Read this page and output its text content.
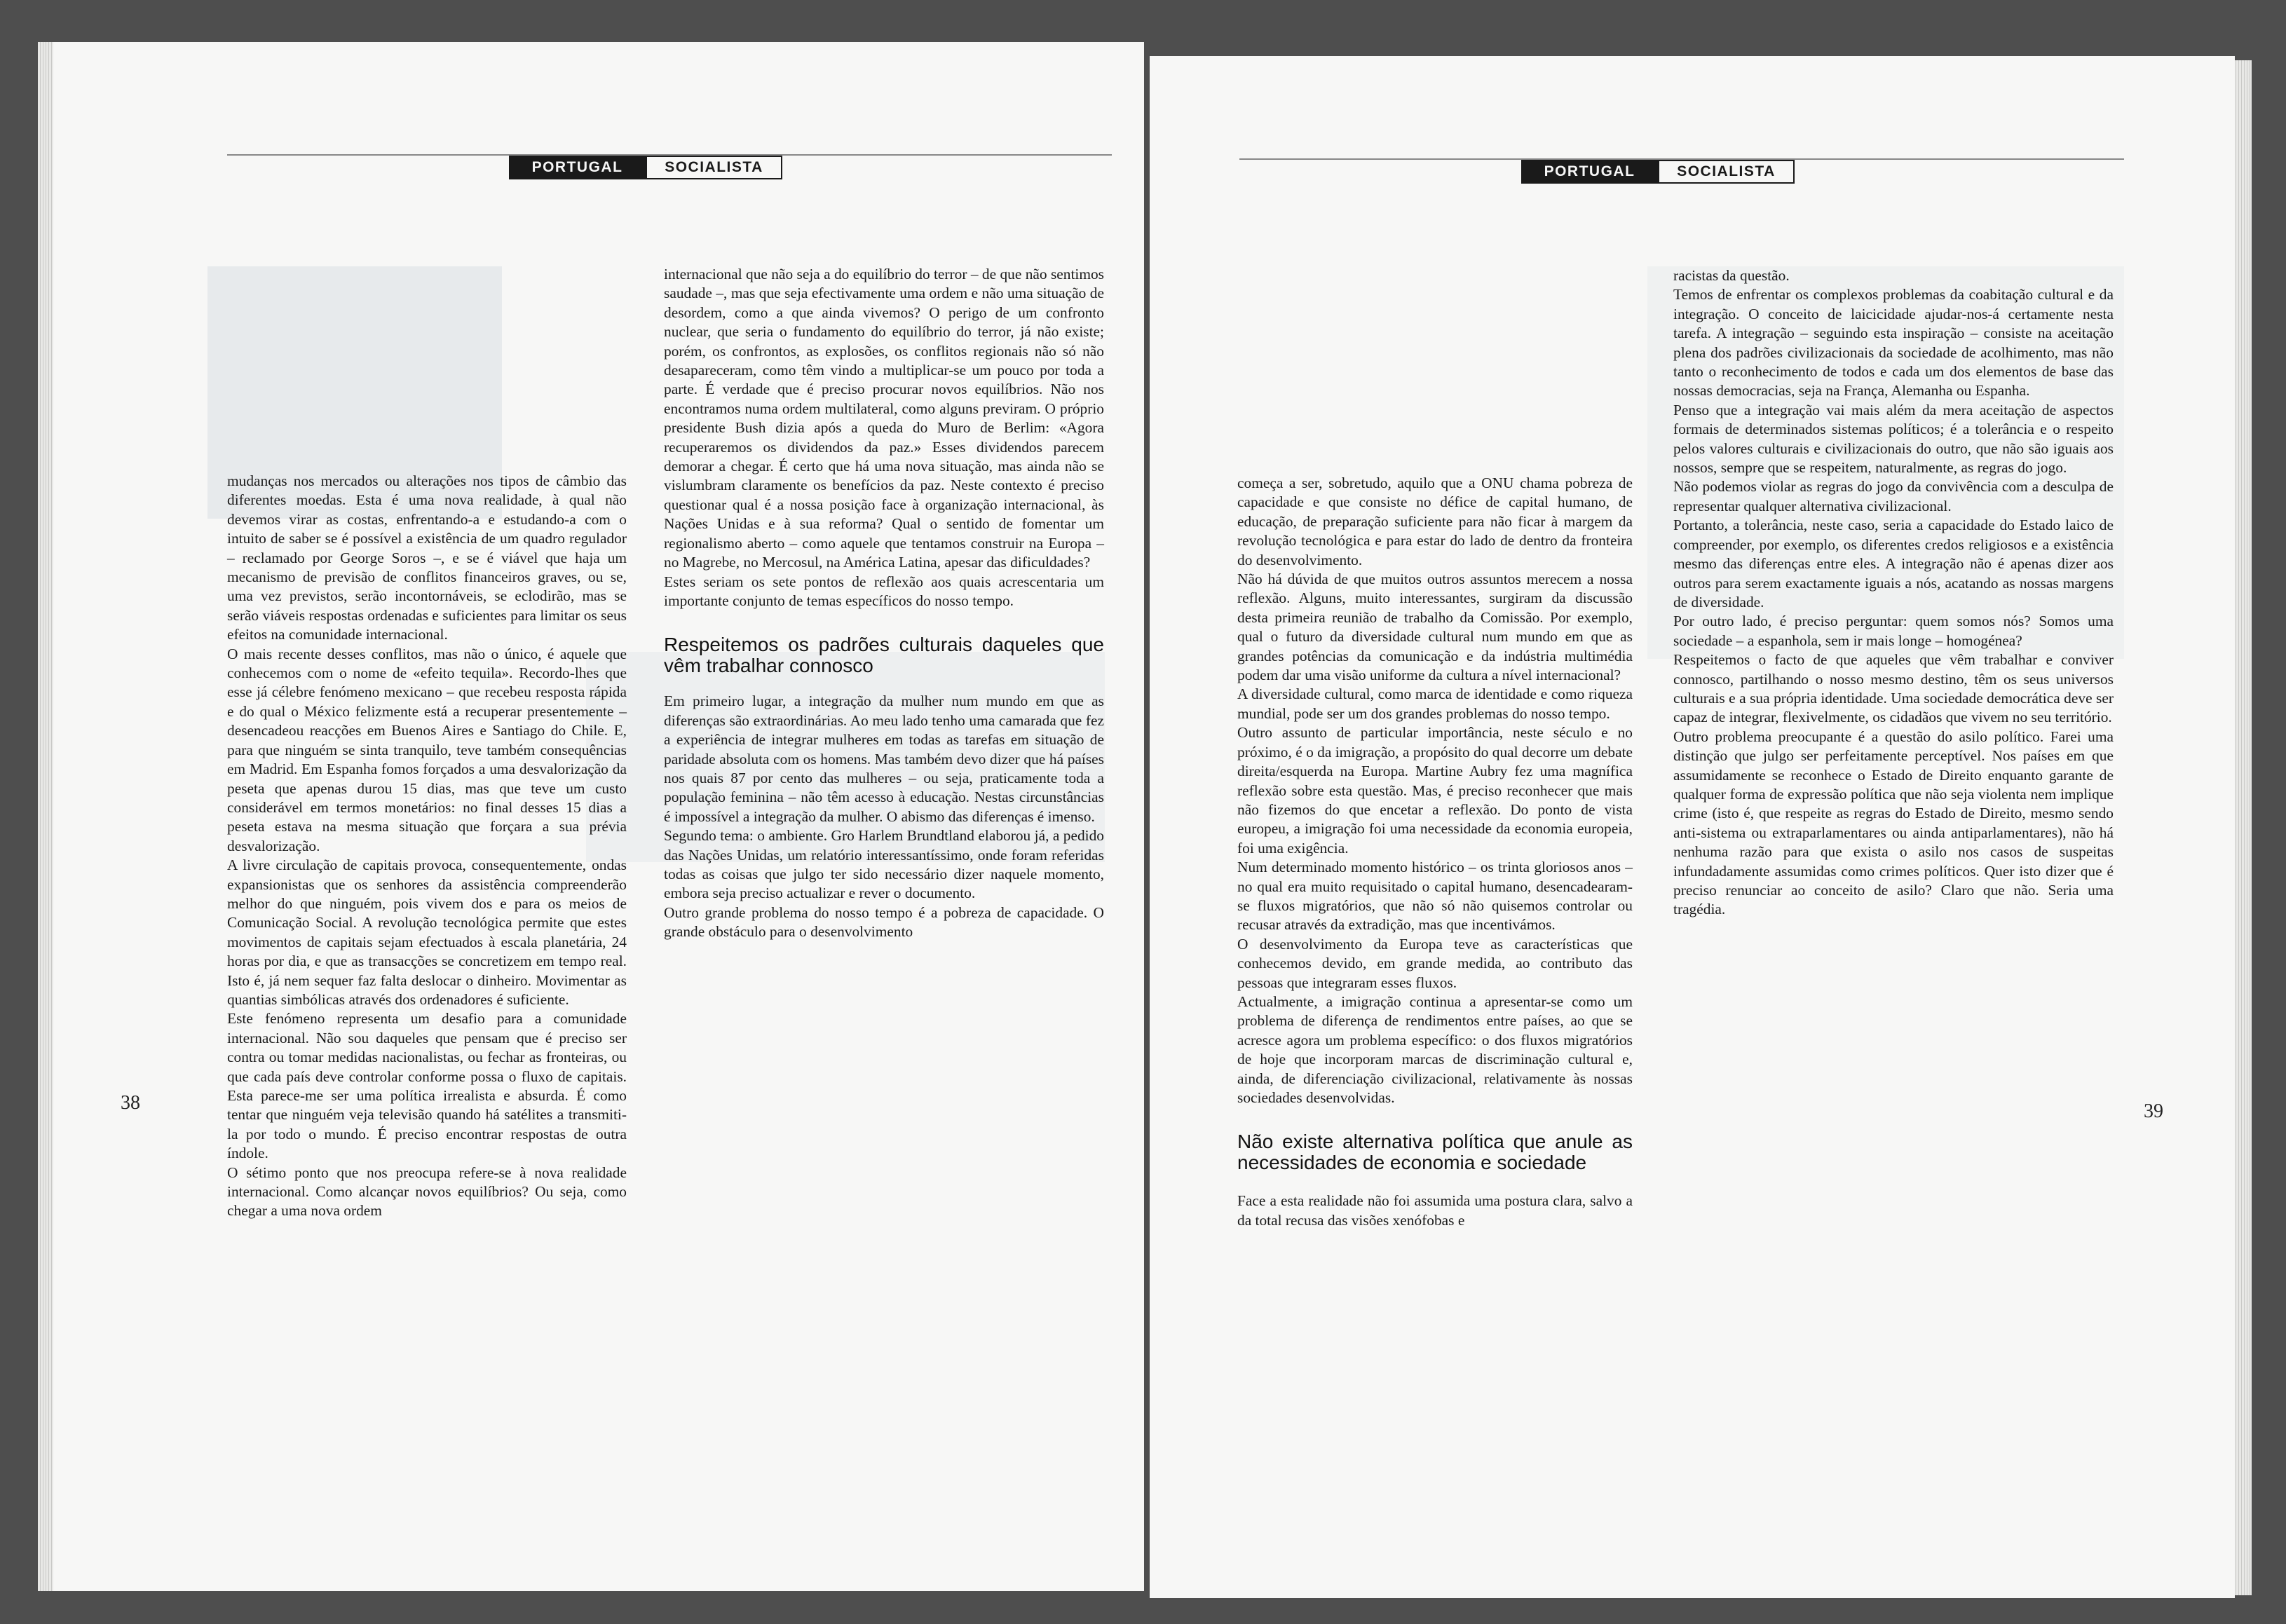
PORTUGAL	SOCIALISTA

mudanças nos mercados ou alterações nos tipos de câmbio das diferentes moedas. Esta é uma nova realidade, à qual não devemos virar as costas, enfrentando-a e estudando-a com o intuito de saber se é possível a existência de um quadro regulador – reclamado por George Soros –, e se é viável que haja um mecanismo de previsão de conflitos financeiros graves, ou se, uma vez previstos, serão incontornáveis, se eclodirão, mas se serão viáveis respostas ordenadas e suficientes para limitar os seus efeitos na comunidade internacional.

O mais recente desses conflitos, mas não o único, é aquele que conhecemos com o nome de «efeito tequila». Recordo-lhes que esse já célebre fenómeno mexicano – que recebeu resposta rápida e do qual o México felizmente está a recuperar presentemente – desencadeou reacções em Buenos Aires e Santiago do Chile. E, para que ninguém se sinta tranquilo, teve também consequências em Madrid. Em Espanha fomos forçados a uma desvalorização da peseta que apenas durou 15 dias, mas que teve um custo considerável em termos monetários: no final desses 15 dias a peseta estava na mesma situação que forçara a sua prévia desvalorização.

A livre circulação de capitais provoca, consequentemente, ondas expansionistas que os senhores da assistência compreenderão melhor do que ninguém, pois vivem dos e para os meios de Comunicação Social. A revolução tecnológica permite que estes movimentos de capitais sejam efectuados à escala planetária, 24 horas por dia, e que as transacções se concretizem em tempo real. Isto é, já nem sequer faz falta deslocar o dinheiro. Movimentar as quantias simbólicas através dos ordenadores é suficiente.

Este fenómeno representa um desafio para a comunidade internacional. Não sou daqueles que pensam que é preciso ser contra ou tomar medidas nacionalistas, ou fechar as fronteiras, ou que cada país deve controlar conforme possa o fluxo de capitais. Esta parece-me ser uma política irrealista e absurda. É como tentar que ninguém veja televisão quando há satélites a transmiti-la por todo o mundo. É preciso encontrar respostas de outra índole.

O sétimo ponto que nos preocupa refere-se à nova realidade internacional. Como alcançar novos equilíbrios? Ou seja, como chegar a uma nova ordem

internacional que não seja a do equilíbrio do terror – de que não sentimos saudade –, mas que seja efectivamente uma ordem e não uma situação de desordem, como a que ainda vivemos? O perigo de um confronto nuclear, que seria o fundamento do equilíbrio do terror, já não existe; porém, os confrontos, as explosões, os conflitos regionais não só não desapareceram, como têm vindo a multiplicar-se um pouco por toda a parte. É verdade que é preciso procurar novos equilíbrios. Não nos encontramos numa ordem multilateral, como alguns previram. O próprio presidente Bush dizia após a queda do Muro de Berlim: «Agora recuperaremos os dividendos da paz.» Esses dividendos parecem demorar a chegar. É certo que há uma nova situação, mas ainda não se vislumbram claramente os benefícios da paz. Neste contexto é preciso questionar qual é a nossa posição face à organização internacional, às Nações Unidas e à sua reforma? Qual o sentido de fomentar um regionalismo aberto – como aquele que tentamos construir na Europa – no Magrebe, no Mercosul, na América Latina, apesar das dificuldades?

Estes seriam os sete pontos de reflexão aos quais acrescentaria um importante conjunto de temas específicos do nosso tempo.

Respeitemos os padrões culturais daqueles que vêm trabalhar connosco

Em primeiro lugar, a integração da mulher num mundo em que as diferenças são extraordinárias. Ao meu lado tenho uma camarada que fez a experiência de integrar mulheres em todas as tarefas em situação de paridade absoluta com os homens. Mas também devo dizer que há países nos quais 87 por cento das mulheres – ou seja, praticamente toda a população feminina – não têm acesso à educação. Nestas circunstâncias é impossível a integração da mulher. O abismo das diferenças é imenso.

Segundo tema: o ambiente. Gro Harlem Brundtland elaborou já, a pedido das Nações Unidas, um relatório interessantíssimo, onde foram referidas todas as coisas que julgo ter sido necessário dizer naquele momento, embora seja preciso actualizar e rever o documento.

Outro grande problema do nosso tempo é a pobreza de capacidade. O grande obstáculo para o desenvolvimento

38
PORTUGAL	SOCIALISTA

começa a ser, sobretudo, aquilo que a ONU chama pobreza de capacidade e que consiste no défice de capital humano, de educação, de preparação suficiente para não ficar à margem da revolução tecnológica e para estar do lado de dentro da fronteira do desenvolvimento.

Não há dúvida de que muitos outros assuntos merecem a nossa reflexão. Alguns, muito interessantes, surgiram da discussão desta primeira reunião de trabalho da Comissão. Por exemplo, qual o futuro da diversidade cultural num mundo em que as grandes potências da comunicação e da indústria multimédia podem dar uma visão uniforme da cultura a nível internacional?

A diversidade cultural, como marca de identidade e como riqueza mundial, pode ser um dos grandes problemas do nosso tempo.

Outro assunto de particular importância, neste século e no próximo, é o da imigração, a propósito do qual decorre um debate direita/esquerda na Europa. Martine Aubry fez uma magnífica reflexão sobre esta questão. Mas, é preciso reconhecer que mais não fizemos do que encetar a reflexão. Do ponto de vista europeu, a imigração foi uma necessidade da economia europeia, foi uma exigência.

Num determinado momento histórico – os trinta gloriosos anos – no qual era muito requisitado o capital humano, desencadearam-se fluxos migratórios, que não só não quisemos controlar ou recusar através da extradição, mas que incentivámos.

O desenvolvimento da Europa teve as características que conhecemos devido, em grande medida, ao contributo das pessoas que integraram esses fluxos.

Actualmente, a imigração continua a apresentar-se como um problema de diferença de rendimentos entre países, ao que se acresce agora um problema específico: o dos fluxos migratórios de hoje que incorporam marcas de discriminação cultural e, ainda, de diferenciação civilizacional, relativamente às nossas sociedades desenvolvidas.

Não existe alternativa política que anule as necessidades de economia e sociedade

Face a esta realidade não foi assumida uma postura clara, salvo a da total recusa das visões xenófobas e

racistas da questão.

Temos de enfrentar os complexos problemas da coabitação cultural e da integração. O conceito de laicicidade ajudar-nos-á certamente nesta tarefa. A integração – seguindo esta inspiração – consiste na aceitação plena dos padrões civilizacionais da sociedade de acolhimento, mas não tanto o reconhecimento de todos e cada um dos elementos de base das nossas democracias, seja na França, Alemanha ou Espanha.

Penso que a integração vai mais além da mera aceitação de aspectos formais de determinados sistemas políticos; é a tolerância e o respeito pelos valores culturais e civilizacionais do outro, que não são iguais aos nossos, sempre que se respeitem, naturalmente, as regras do jogo.

Não podemos violar as regras do jogo da convivência com a desculpa de representar qualquer alternativa civilizacional.

Portanto, a tolerância, neste caso, seria a capacidade do Estado laico de compreender, por exemplo, os diferentes credos religiosos e a existência mesmo das diferenças entre eles. A integração não é apenas dizer aos outros para serem exactamente iguais a nós, acatando as nossas margens de diversidade.

Por outro lado, é preciso perguntar: quem somos nós? Somos uma sociedade – a espanhola, sem ir mais longe – homogénea?

Respeitemos o facto de que aqueles que vêm trabalhar e conviver connosco, partilhando o nosso mesmo destino, têm os seus universos culturais e a sua própria identidade. Uma sociedade democrática deve ser capaz de integrar, flexivelmente, os cidadãos que vivem no seu território.

Outro problema preocupante é a questão do asilo político. Farei uma distinção que julgo ser perfeitamente perceptível. Nos países em que assumidamente se reconhece o Estado de Direito enquanto garante de qualquer forma de expressão política que não seja violenta nem implique crime (isto é, que respeite as regras do Estado de Direito, mesmo sendo anti-sistema ou extraparlamentares ou ainda antiparlamentares), não há nenhuma razão para que exista o asilo nos casos de suspeitas infundadamente assumidas como crimes políticos. Quer isto dizer que é preciso renunciar ao conceito de asilo? Claro que não. Seria uma tragédia.

39
